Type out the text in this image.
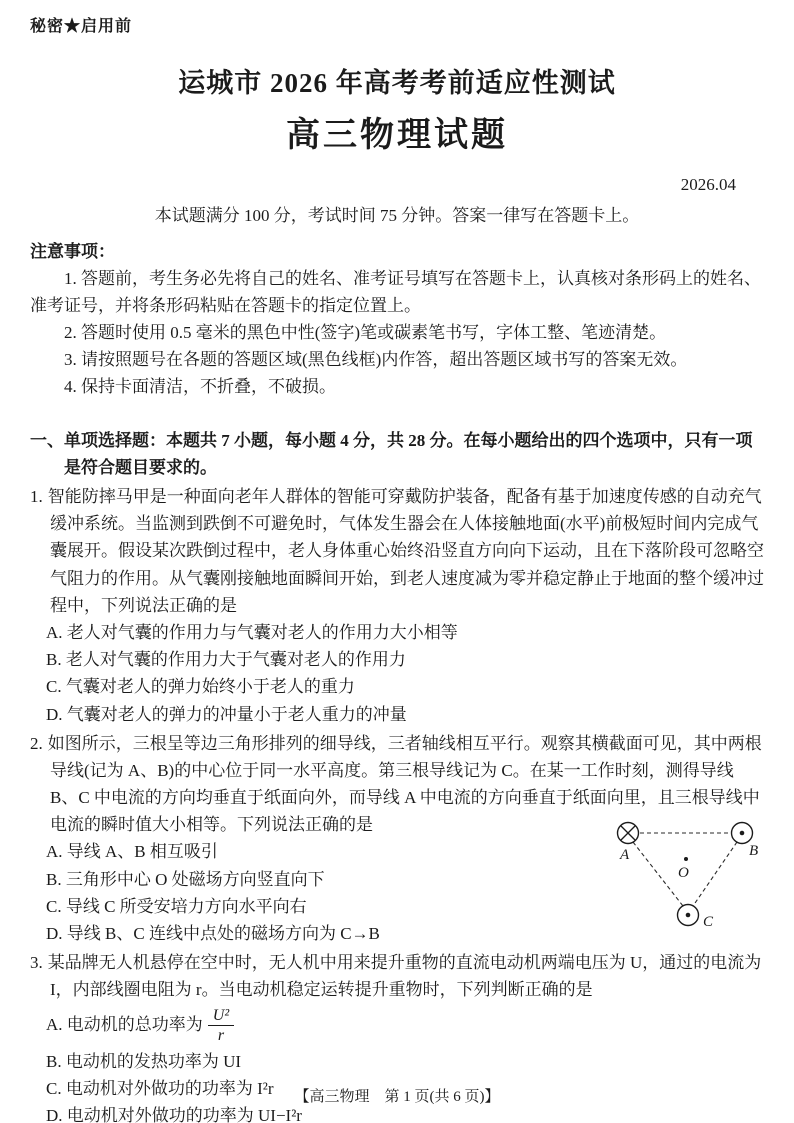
秘密★启用前
运城市 2026 年高考考前适应性测试
高三物理试题
2026.04
本试题满分 100 分，考试时间 75 分钟。答案一律写在答题卡上。
注意事项：

1. 答题前，考生务必先将自己的姓名、准考证号填写在答题卡上，认真核对条形码上的姓名、准考证号，并将条形码粘贴在答题卡的指定位置上。

2. 答题时使用 0.5 毫米的黑色中性(签字)笔或碳素笔书写，字体工整、笔迹清楚。

3. 请按照题号在各题的答题区域(黑色线框)内作答，超出答题区域书写的答案无效。

4. 保持卡面清洁，不折叠，不破损。

一、单项选择题：本题共 7 小题，每小题 4 分，共 28 分。在每小题给出的四个选项中，只有一项是符合题目要求的。

1. 智能防摔马甲是一种面向老年人群体的智能可穿戴防护装备，配备有基于加速度传感的自动充气缓冲系统。当监测到跌倒不可避免时，气体发生器会在人体接触地面(水平)前极短时间内完成气囊展开。假设某次跌倒过程中，老人身体重心始终沿竖直方向向下运动，且在下落阶段可忽略空气阻力的作用。从气囊刚接触地面瞬间开始，到老人速度减为零并稳定静止于地面的整个缓冲过程中，下列说法正确的是

A. 老人对气囊的作用力与气囊对老人的作用力大小相等

B. 老人对气囊的作用力大于气囊对老人的作用力

C. 气囊对老人的弹力始终小于老人的重力

D. 气囊对老人的弹力的冲量小于老人重力的冲量

2. 如图所示，三根呈等边三角形排列的细导线，三者轴线相互平行。观察其横截面可见，其中两根导线(记为 A、B)的中心位于同一水平高度。第三根导线记为 C。在某一工作时刻，测得导线 B、C 中电流的方向均垂直于纸面向外，而导线 A 中电流的方向垂直于纸面向里，且三
A	B
O
C
根导线中电流的瞬时值大小相等。下列说法正确的是

A. 导线 A、B 相互吸引

B. 三角形中心 O 处磁场方向竖直向下

C. 导线 C 所受安培力方向水平向右

D. 导线 B、C 连线中点处的磁场方向为 C→B

3. 某品牌无人机悬停在空中时，无人机中用来提升重物的直流电动机两端电压为 U，通过的电流为 I，内部线圈电阻为 r。当电动机稳定运转提升重物时，下列判断正确的是

A. 电动机的总功率为 $\frac{\text{U²}}{r}$

B. 电动机的发热功率为 UI

C. 电动机对外做功的功率为 I²r

D. 电动机对外做功的功率为 UI−I²r

【高三物理　第 1 页(共 6 页)】
